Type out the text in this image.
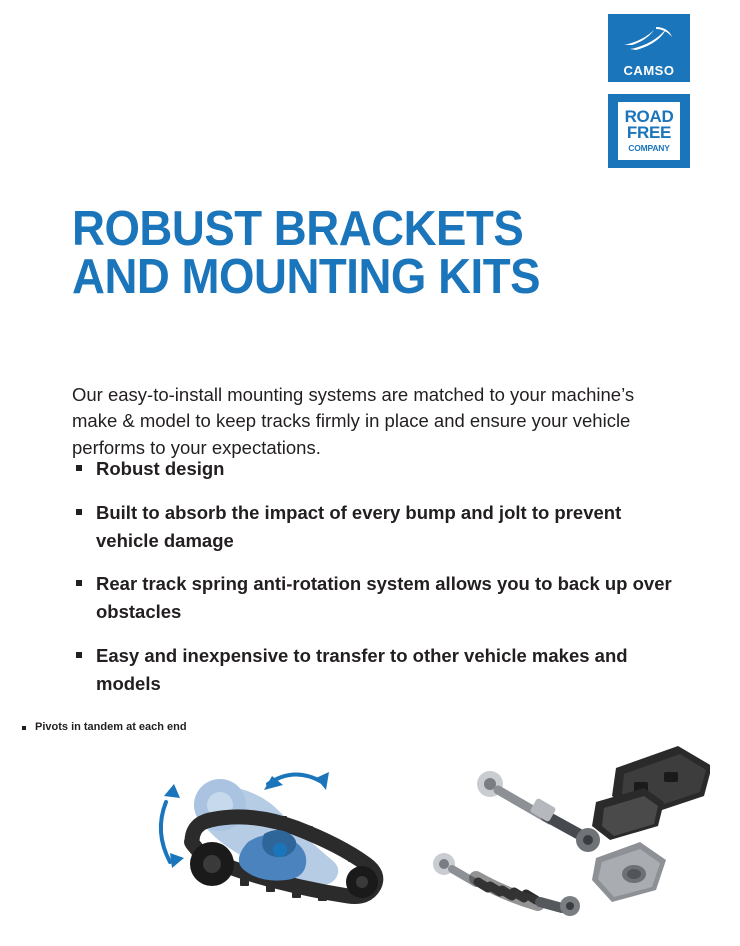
CAMSO
ROAD
FREE
COMPANY
ROBUST BRACKETS
AND MOUNTING KITS

Our easy-to-install mounting systems are matched to your machine’s make & model to keep tracks firmly in place and ensure your vehicle performs to your expectations.

Robust design
Built to absorb the impact of every bump and jolt to prevent vehicle damage
Rear track spring anti-rotation system allows you to back up over obstacles
Easy and inexpensive to transfer to other vehicle makes and models
Pivots in tandem at each end
